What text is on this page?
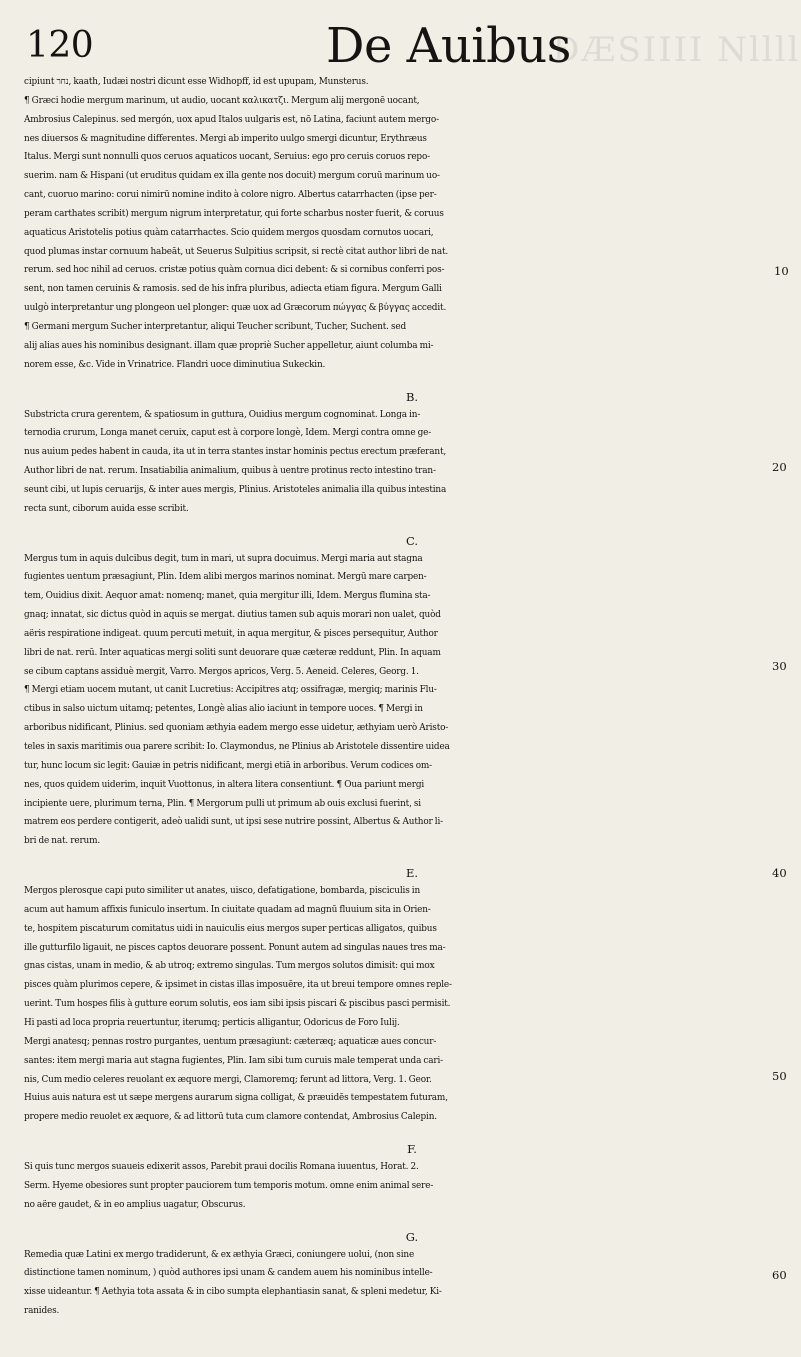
120	De Auibus
ÐÆSIIII Nllll
cipiunt נחר, kaath, Iudæi nostri dicunt esse Widhopff, id est upupam, Munsterus.
¶ Græci hodie mergum marinum, ut audio, uocant καλικατζι. Mergum alij mergonē uocant,
Ambrosius Calepinus. sed mergón, uox apud Italos uulgaris est, nō Latina, faciunt autem mergo-
nes diuersos & magnitudine differentes. Mergi ab imperito uulgo smergi dicuntur, Erythræus
Italus. Mergi sunt nonnulli quos ceruos aquaticos uocant, Seruius: ego pro ceruis coruos repo-
suerim. nam & Hispani (ut eruditus quidam ex illa gente nos docuit) mergum coruū marinum uo-
cant, cuoruo marino: corui nimirū nomine indito à colore nigro. Albertus catarrhacten (ipse per-
peram carthates scribit) mergum nigrum interpretatur, qui forte scharbus noster fuerit, & coruus
aquaticus Aristotelis potius quàm catarrhactes. Scio quidem mergos quosdam cornutos uocari,
quod plumas instar cornuum habeāt, ut Seuerus Sulpitius scripsit, si rectè citat author libri de nat.
rerum. sed hoc nihil ad ceruos. cristæ potius quàm cornua dici debent: & si cornibus conferri pos-
sent, non tamen ceruinis & ramosis. sed de his infra pluribus, adiecta etiam figura. Mergum Galli
uulgò interpretantur ung plongeon uel plonger: quæ uox ad Græcorum πώγγας & βύγγας accedit.
¶ Germani mergum Sucher interpretantur, aliqui Teucher scribunt, Tucher, Suchent. sed
alij alias aues his nominibus designant. illam quæ propriè Sucher appelletur, aiunt columba mi-
norem esse, &c. Vide in Vrinatrice. Flandri uoce diminutiua Sukeckin.
B.
Substricta crura gerentem, & spatiosum in guttura, Ouidius mergum cognominat. Longa in-
ternodia crurum, Longa manet ceruix, caput est à corpore longè, Idem. Mergi contra omne ge-
nus auium pedes habent in cauda, ita ut in terra stantes instar hominis pectus erectum præferant,
Author libri de nat. rerum. Insatiabilia animalium, quibus à uentre protinus recto intestino tran-
seunt cibi, ut lupis ceruarijs, & inter aues mergis, Plinius. Aristoteles animalia illa quibus intestina
recta sunt, ciborum auida esse scribit.
C.
Mergus tum in aquis dulcibus degit, tum in mari, ut supra docuimus. Mergi maria aut stagna
fugientes uentum præsagiunt, Plin. Idem alibi mergos marinos nominat. Mergū mare carpen-
tem, Ouidius dixit. Aequor amat: nomenq; manet, quia mergitur illi, Idem. Mergus flumina sta-
gnaq; innatat, sic dictus quòd in aquis se mergat. diutius tamen sub aquis morari non ualet, quòd
aëris respiratione indigeat. quum percuti metuit, in aqua mergitur, & pisces persequitur, Author
libri de nat. rerū. Inter aquaticas mergi soliti sunt deuorare quæ cæteræ reddunt, Plin. In aquam
se cibum captans assiduè mergit, Varro. Mergos apricos, Verg. 5. Aeneid. Celeres, Georg. 1.
¶ Mergi etiam uocem mutant, ut canit Lucretius: Accipitres atq; ossifragæ, mergiq; marinis Flu-
ctibus in salso uictum uitamq; petentes, Longè alias alio iaciunt in tempore uoces. ¶ Mergi in
arboribus nidificant, Plinius. sed quoniam æthyia eadem mergo esse uidetur, æthyiam uerò Aristo-
teles in saxis maritimis oua parere scribit: Io. Claymondus, ne Plinius ab Aristotele dissentire uidea
tur, hunc locum sic legit: Gauiæ in petris nidificant, mergi etiā in arboribus. Verum codices om-
nes, quos quidem uiderim, inquit Vuottonus, in altera litera consentiunt. ¶ Oua pariunt mergi
incipiente uere, plurimum terna, Plin. ¶ Mergorum pulli ut primum ab ouis exclusi fuerint, si
matrem eos perdere contigerit, adeò ualidi sunt, ut ipsi sese nutrire possint, Albertus & Author li-
bri de nat. rerum.
E.
Mergos plerosque capi puto similiter ut anates, uisco, defatigatione, bombarda, pisciculis in
acum aut hamum affixis funiculo insertum. In ciuitate quadam ad magnū fluuium sita in Orien-
te, hospitem piscaturum comitatus uidi in nauiculis eius mergos super perticas alligatos, quibus
ille gutturfilo ligauit, ne pisces captos deuorare possent. Ponunt autem ad singulas naues tres ma-
gnas cistas, unam in medio, & ab utroq; extremo singulas. Tum mergos solutos dimisit: qui mox
pisces quàm plurimos cepere, & ipsimet in cistas illas imposuēre, ita ut breui tempore omnes reple-
uerint. Tum hospes filis à gutture eorum solutis, eos iam sibi ipsis piscari & piscibus pasci permisit.
Hi pasti ad loca propria reuertuntur, iterumq; perticis alligantur, Odoricus de Foro Iulij.
Mergi anatesq; pennas rostro purgantes, uentum præsagiunt: cæteræq; aquaticæ aues concur-
santes: item mergi maria aut stagna fugientes, Plin. Iam sibi tum curuis male temperat unda cari-
nis, Cum medio celeres reuolant ex æquore mergi, Clamoremq; ferunt ad littora, Verg. 1. Geor.
Huius auis natura est ut sæpe mergens aurarum signa colligat, & præuidēs tempestatem futuram,
propere medio reuolet ex æquore, & ad littorū tuta cum clamore contendat, Ambrosius Calepin.
F.
Si quis tunc mergos suaueis edixerit assos, Parebit praui docilis Romana iuuentus, Horat. 2.
Serm. Hyeme obesiores sunt propter pauciorem tum temporis motum. omne enim animal sere-
no aëre gaudet, & in eo amplius uagatur, Obscurus.
G.
Remedia quæ Latini ex mergo tradiderunt, & ex æthyia Græci, coniungere uolui, (non sine
distinctione tamen nominum, ) quòd authores ipsi unam & candem auem his nominibus intelle-
xisse uideantur. ¶ Aethyia tota assata & in cibo sumpta elephantiasin sanat, & spleni medetur, Ki-
ranides.
10
20
30
40
50
60
